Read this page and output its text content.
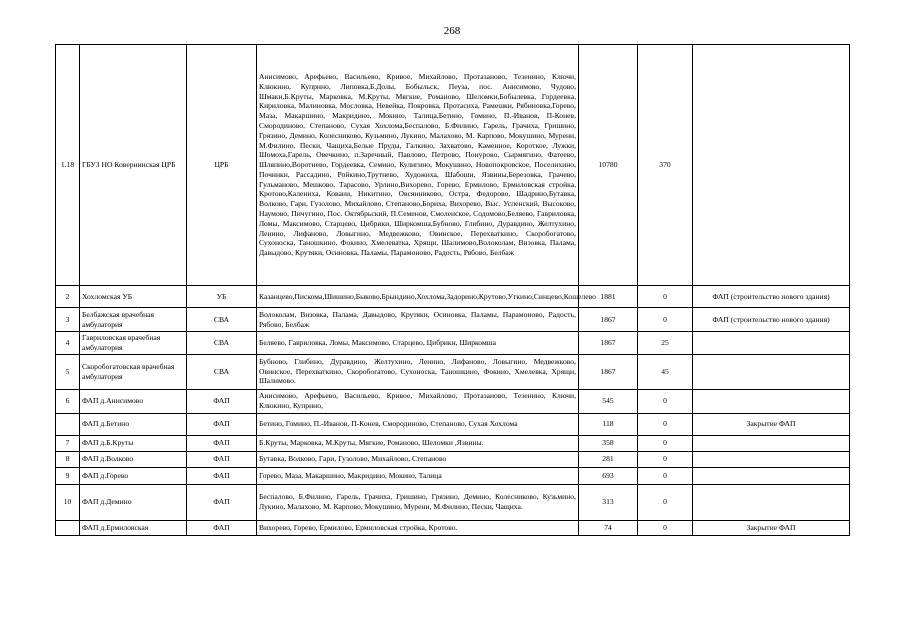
268
1.18	ГБУЗ НО Ковернинская ЦРБ	ЦРБ	Анисимово, Арефьево, Васильево, Кривое, Михайлово, Протазаново, Тезенино, Ключи, Клюкино, Куприно, Липовка,Б.Долы, Бобыльск, Пеуза, пос. Анисимово, Чудово, Шмаки,Б.Круты, Марковка, М.Круты, Мягкие, Романово, Шеломки,Бобылевка, Гордеевка, Кириловка, Малиновка, Мословка, Невейка, Покровка, Протасиха, Рамешки, Рябиновка,Горево, Маза, Макаршино, Макридино, Мокино, Талица,Бетино, Гомино, П.-Иванов, П-Конев, Смородиново, Степаново, Сухая Хохлома,Беспалово, Б.Филино, Гарель, Грачиха, Гришино, Грязино, Демино, Колесниково, Кузьмино, Лукино, Малахово, М. Карпово, Мокушино, Мурени, М.Филино, Пески, Чащиха,Белые Пруды, Галкино, Захватово, Каменное, Короткое, Лужки, Шомоха,Гарель, Овечкино, п.Заречный, Павлово, Петрово, Понурово, Сырмягино, Фатеево, Шляпино,Воротнево, Гордеевка, Семино, Кулигино, Мокушино, Новопокровское, Поселихино, Починки, Рассадино, Ройкино,Трутнево, Художиха, Шабоши, Язвины,Березовка, Грачево, Гульманово, Мешково, Тарасово, Урлино,Вихорево, Горево, Ермилово, Ермиловская стройка, Кротово,Калениха, Ковани, Никитино, Овсянниково, Остра, Федорово, Шадрино,Бутавка, Волково, Гари, Гузолово, Михайлово, Степаново,Бориха, Вихорево, Выс. Успенский, Высоково, Наумово, Пичугино, Пос. Октябрьский, П.Семенов, Смоленское, Содомово,Беляево, Гавриловка, Ломы, Максимово, Старцево, Цибрики, Ширкомша,Бубново, Глибино, Дуравдино, Желтухино, Ленино, Лифаново, Ловыгино, Медвежково, Овинское, Перехваткино, Скоробогатово, Сухоноска, Таношкино, Фокино, Хмелеватка, Хрящи, Шалимово,Волоколам, Визовка, Палама, Давыдово, Крутяки, Осиновка, Паламы, Парамоново, Радость, Рябово, Белбаж	10780	370	
2	Хохломская УБ	УБ	Казанцево,Пискома,Шишино,Быково,Брындино,Хохлома,Задорино,Крутово,Уткино,Синцево,Кошелево	1881	0	ФАП (строительство нового здания)
3	Белбажская врачебная амбулатория	СВА	Волоколам, Визовка, Палама, Давыдово, Крутяки, Осиновка, Паламы, Парамоново, Радость, Рябово, Белбаж	1867	0	ФАП (строительство нового здания)
4	Гавриловская врачебная амбулатория	СВА	Беляево, Гавриловка, Ломы, Максимово, Старцево, Цибрики, Ширкомша	1867	25	
5	Скоробогатовская врачебная амбулатория	СВА	Бубново, Глибино, Дуравдино, Желтухино, Ленино, Лифаново, Ловыгино, Медвежково, Овинское, Перехваткино, Скоробогатово, Сухоноска, Таношкино, Фокино, Хмелевка, Хрящи, Шалимово.	1867	45	
6	ФАП д.Анисимово	ФАП	Анисимово, Арефьево, Васильево, Кривое, Михайлово, Протазаново, Тезенино, Ключи, Клюкино, Куприно,	545	0	
	ФАП д.Бетино	ФАП	Бетино, Гомино, П.-Иванов, П-Конев, Смородиново, Степаново, Сухая Хохлома	118	0	Закрытие ФАП
7	ФАП д.Б.Круты	ФАП	Б.Круты, Марковка, М.Круты, Мягкие, Романово, Шеломки ,Язвины.	358	0	
8	ФАП д.Волково	ФАП	Бутавка, Волково, Гари, Гузолово, Михайлово, Степаново	281	0	
9	ФАП д.Горево	ФАП	Горево, Маза, Макаршино, Макридино, Мокино, Талица	693	0	
10	ФАП д.Демино	ФАП	Беспалово, Б.Филино, Гарель, Грачиха, Гришино, Грязино, Демино, Колесниково, Кузьмино, Лукино, Малахово, М. Карпово, Мокушино, Мурени, М.Филино, Пески, Чащиха.	313	0	
	ФАП д.Ермиловская	ФАП	Вихорево, Горево, Ермилово, Ермиловская стройка, Кротово.	74	0	Закрытие ФАП
